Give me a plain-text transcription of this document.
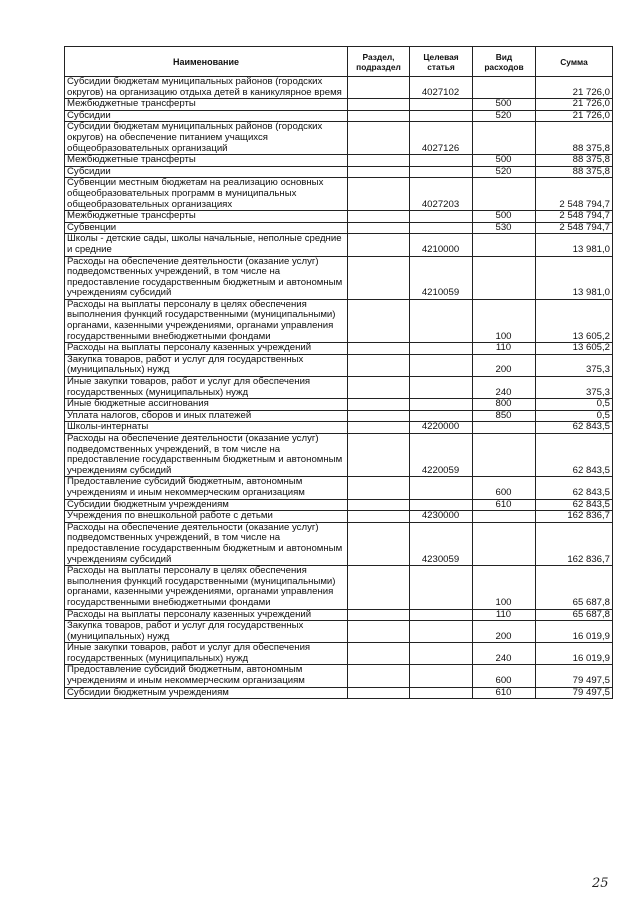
Наименование	Раздел, подраздел	Целевая статья	Вид расходов	Сумма
Субсидии бюджетам муниципальных районов (городских округов) на организацию отдыха детей в каникулярное время		4027102		21 726,0
Межбюджетные трансферты			500	21 726,0
Субсидии			520	21 726,0
Субсидии бюджетам муниципальных районов (городских округов) на обеспечение питанием учащихся общеобразовательных организаций		4027126		88 375,8
Межбюджетные трансферты			500	88 375,8
Субсидии			520	88 375,8
Субвенции местным бюджетам на реализацию основных общеобразовательных программ в муниципальных общеобразовательных организациях		4027203		2 548 794,7
Межбюджетные трансферты			500	2 548 794,7
Субвенции			530	2 548 794,7
Школы - детские сады, школы начальные, неполные средние и средние		4210000		13 981,0
Расходы на обеспечение деятельности (оказание услуг) подведомственных учреждений, в том числе на предоставление государственным бюджетным и автономным учреждениям субсидий		4210059		13 981,0
Расходы на выплаты персоналу в целях обеспечения выполнения функций государственными (муниципальными) органами, казенными учреждениями, органами управления государственными внебюджетными фондами			100	13 605,2
Расходы на выплаты персоналу казенных учреждений			110	13 605,2
Закупка товаров, работ и услуг для государственных (муниципальных) нужд			200	375,3
Иные закупки товаров, работ и услуг для обеспечения государственных (муниципальных) нужд			240	375,3
Иные бюджетные ассигнования			800	0,5
Уплата налогов, сборов и иных платежей			850	0,5
Школы-интернаты		4220000		62 843,5
Расходы на обеспечение деятельности (оказание услуг) подведомственных учреждений, в том числе на предоставление государственным бюджетным и автономным учреждениям субсидий		4220059		62 843,5
Предоставление субсидий бюджетным, автономным учреждениям и иным некоммерческим организациям			600	62 843,5
Субсидии бюджетным учреждениям			610	62 843,5
Учреждения по внешкольной работе с детьми		4230000		162 836,7
Расходы на обеспечение деятельности (оказание услуг) подведомственных учреждений, в том числе на предоставление государственным бюджетным и автономным учреждениям субсидий		4230059		162 836,7
Расходы на выплаты персоналу в целях обеспечения выполнения функций государственными (муниципальными) органами, казенными учреждениями, органами управления государственными внебюджетными фондами			100	65 687,8
Расходы на выплаты персоналу казенных учреждений			110	65 687,8
Закупка товаров, работ и услуг для государственных (муниципальных) нужд			200	16 019,9
Иные закупки товаров, работ и услуг для обеспечения государственных (муниципальных) нужд			240	16 019,9
Предоставление субсидий бюджетным, автономным учреждениям и иным некоммерческим организациям			600	79 497,5
Субсидии бюджетным учреждениям			610	79 497,5
25
